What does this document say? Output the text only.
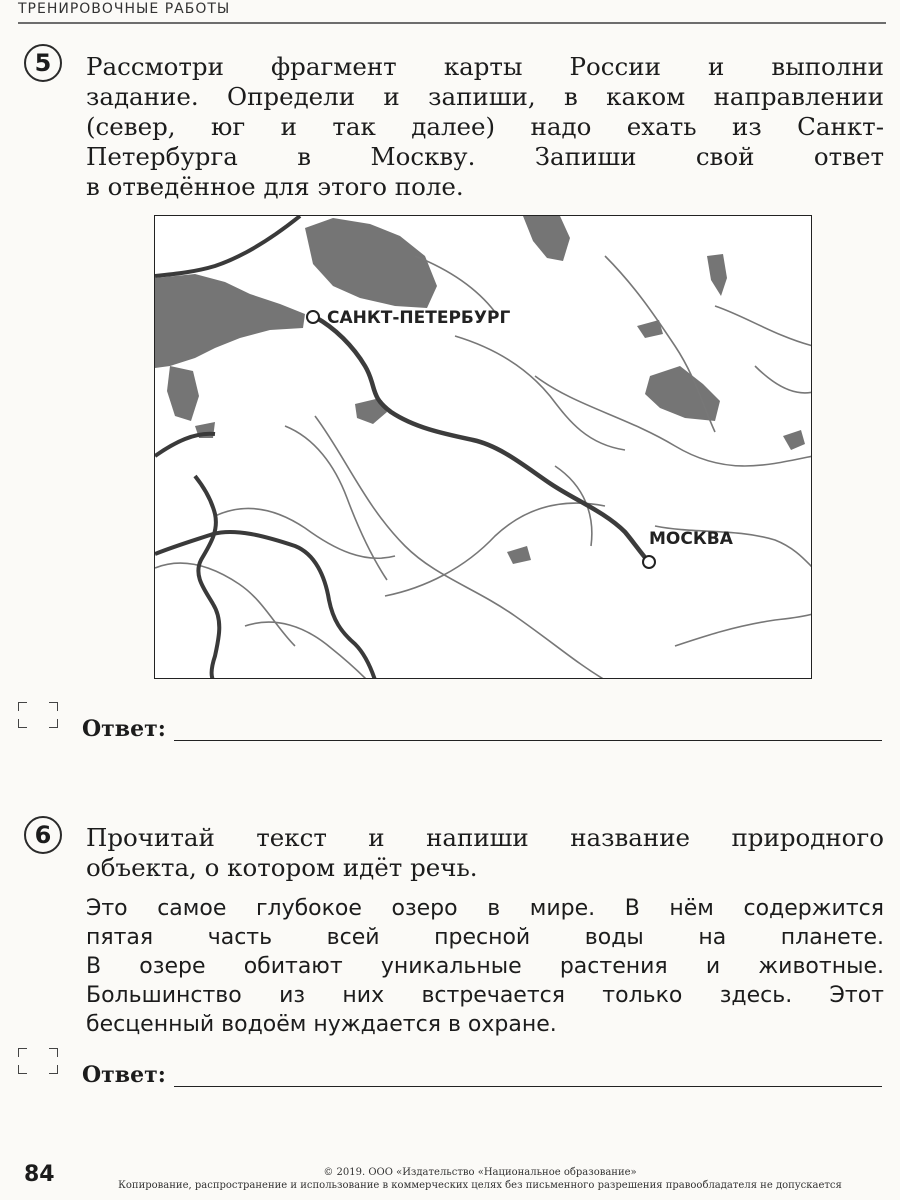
ТРЕНИРОВОЧНЫЕ РАБОТЫ
5 Рассмотри фрагмент карты России и выполни
задание. Определи и запиши, в каком направлении
(север, юг и так далее) надо ехать из Санкт-
Петербурга в Москву. Запиши свой ответ
в отведённое для этого поле.
САНКТ-ПЕТЕРБУРГ
МОСКВА
Ответ:
6 Прочитай текст и напиши название природного
объекта, о котором идёт речь.
Это самое глубокое озеро в мире. В нём содержится
пятая часть всей пресной воды на планете.
В озере обитают уникальные растения и животные.
Большинство из них встречается только здесь. Этот
бесценный водоём нуждается в охране.
Ответ:
84	© 2019. ООО «Издательство «Национальное образование»
Копирование, распространение и использование в коммерческих целях без письменного разрешения правообладателя не допускается
